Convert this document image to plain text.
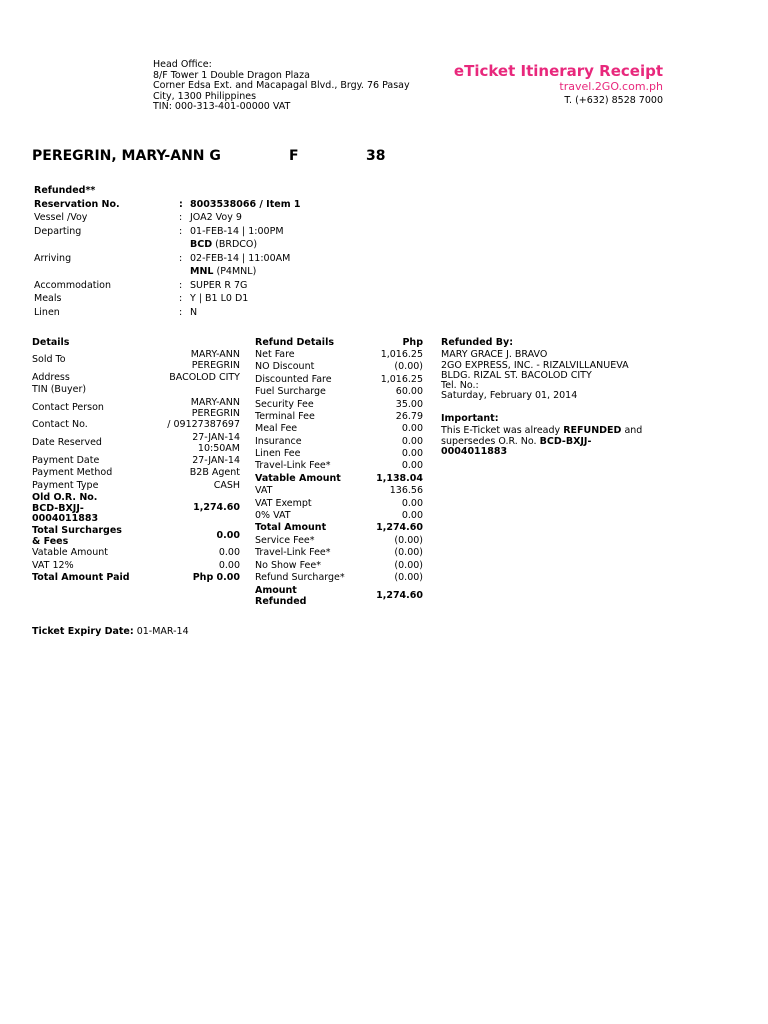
Head Office:
8/F Tower 1 Double Dragon Plaza
Corner Edsa Ext. and Macapagal Blvd., Brgy. 76 Pasay
City, 1300 Philippines
TIN: 000-313-401-00000 VAT
eTicket Itinerary Receipt
travel.2GO.com.ph
T. (+632) 8528 7000
PEREGRIN, MARY-ANN G	F	38
Refunded**
Reservation No.	: 8003538066 / Item 1
Vessel /Voy	: JOA2 Voy 9
Departing	: 01-FEB-14 | 1:00PM
BCD (BRDCO)
Arriving	: 02-FEB-14 | 11:00AM
MNL (P4MNL)
Accommodation	: SUPER R 7G
Meals	: Y | B1 L0 D1
Linen	: N
Details
Sold To	MARY-ANN
PEREGRIN
Address	BACOLOD CITY
TIN (Buyer)
Contact Person	MARY-ANN
PEREGRIN
Contact No.	/ 09127387697
Date Reserved	27-JAN-14
10:50AM
Payment Date	27-JAN-14
Payment Method	B2B Agent
Payment Type	CASH
Old O.R. No.
BCD-BXJJ-
0004011883
1,274.60
Total Surcharges
& Fees	0.00
Vatable Amount	0.00
VAT 12%	0.00
Total Amount Paid	Php 0.00
Refund Details	Php
Net Fare	1,016.25
NO Discount	(0.00)
Discounted Fare	1,016.25
Fuel Surcharge	60.00
Security Fee	35.00
Terminal Fee	26.79
Meal Fee	0.00
Insurance	0.00
Linen Fee	0.00
Travel-Link Fee*	0.00
Vatable Amount	1,138.04
VAT	136.56
VAT Exempt	0.00
0% VAT	0.00
Total Amount	1,274.60
Service Fee*	(0.00)
Travel-Link Fee*	(0.00)
No Show Fee*	(0.00)
Refund Surcharge*	(0.00)
Amount
Refunded	1,274.60
Refunded By:
MARY GRACE J. BRAVO
2GO EXPRESS, INC. - RIZALVILLANUEVA
BLDG. RIZAL ST. BACOLOD CITY
Tel. No.:
Saturday, February 01, 2014
Important:
This E-Ticket was already REFUNDED and
supersedes O.R. No. BCD-BXJJ-
0004011883
Ticket Expiry Date: 01-MAR-14
